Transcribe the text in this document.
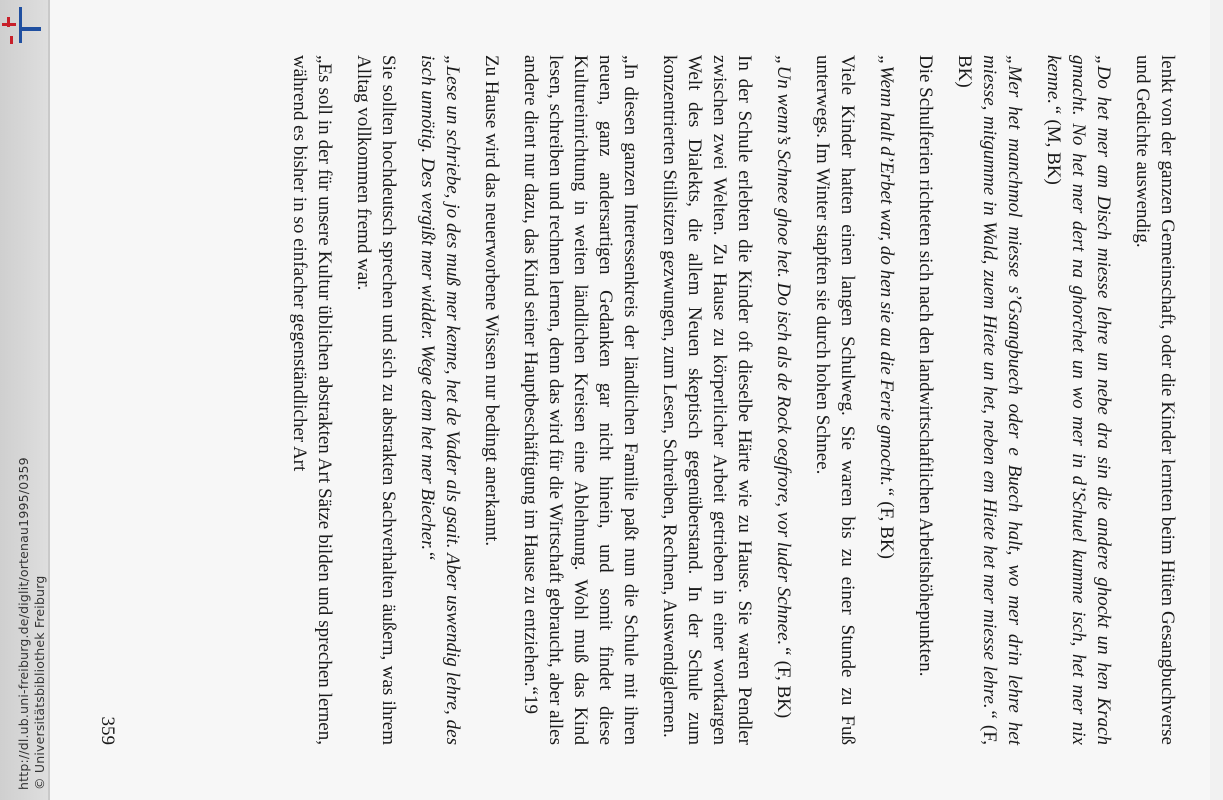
http://dl.ub.uni-freiburg.de/diglit/ortenau1995/0359 © Universitätsbibliothek Freiburg	lenkt von der ganzen Gemeinschaft, oder die Kinder lernten beim Hüten Gesangbuchverse und Gedichte auswendig.

„Do het mer am Disch miesse lehre un nebe dra sin die andere ghockt un hen Krach gmacht. No het mer dert na ghorchet un wo mer in d’Schuel kumme isch, het mer nix kenne.“ (M, BK)

„Mer het manchmol miesse s’Gsangbuech oder e Buech halt, wo mer drin lehre het miesse, mitgumme in Wald, zuem Hiete un het, neben em Hiete het mer miesse lehre.“ (F, BK)

Die Schulferien richteten sich nach den landwirtschaftlichen Arbeitshöhepunkten.

„Wenn halt d’Erbet war, do hen sie au die Ferie gmocht.“ (F, BK)

Viele Kinder hatten einen langen Schulweg. Sie waren bis zu einer Stunde zu Fuß unterwegs. Im Winter stapften sie durch hohen Schnee.

„Un wenn’s Schnee ghoe het. Do isch als de Rock oegfrore, vor luder Schnee.“ (F, BK)

In der Schule erlebten die Kinder oft dieselbe Härte wie zu Hause. Sie waren Pendler zwischen zwei Welten. Zu Hause zu körperlicher Arbeit getrieben in einer wortkargen Welt des Dialekts, die allem Neuen skeptisch gegenüberstand. In der Schule zum konzentrierten Stillsitzen gezwungen, zum Lesen, Schreiben, Rechnen, Auswendiglernen.

„In diesen ganzen Interessenkreis der ländlichen Familie paßt nun die Schule mit ihren neuen, ganz andersartigen Gedanken gar nicht hinein, und somit findet diese Kultureinrichtung in weiten ländlichen Kreisen eine Ablehnung. Wohl muß das Kind lesen, schreiben und rechnen lernen, denn das wird für die Wirtschaft gebraucht, aber alles andere dient nur dazu, das Kind seiner Hauptbeschäftigung im Hause zu entziehen.“19

Zu Hause wird das neuerworbene Wissen nur bedingt anerkannt.

„Lese un schriebe, jo des muß mer kenne, het de Vader als gsait. Aber uswendig lehre, des isch unnötig. Des vergißt mer widder. Wege dem het mer Biecher.“

Sie sollten hochdeutsch sprechen und sich zu abstrakten Sachverhalten äußern, was ihrem Alltag vollkommen fremd war.

„Es soll in der für unsere Kultur üblichen abstrakten Art Sätze bilden und sprechen lernen, während es bisher in so einfacher gegenständlicher Art

359
